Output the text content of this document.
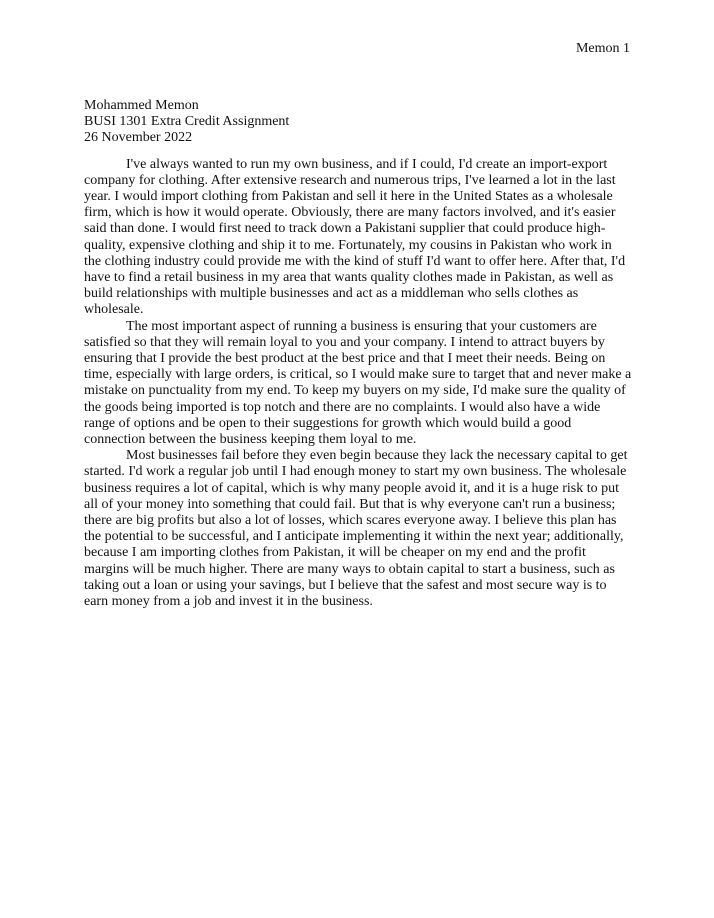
Memon 1
Mohammed Memon
BUSI 1301 Extra Credit Assignment
26 November 2022

I've always wanted to run my own business, and if I could, I'd create an import-export company for clothing. After extensive research and numerous trips, I've learned a lot in the last year. I would import clothing from Pakistan and sell it here in the United States as a wholesale firm, which is how it would operate. Obviously, there are many factors involved, and it's easier said than done. I would first need to track down a Pakistani supplier that could produce high-quality, expensive clothing and ship it to me. Fortunately, my cousins in Pakistan who work in the clothing industry could provide me with the kind of stuff I'd want to offer here. After that, I'd have to find a retail business in my area that wants quality clothes made in Pakistan, as well as build relationships with multiple businesses and act as a middleman who sells clothes as wholesale.

The most important aspect of running a business is ensuring that your customers are satisfied so that they will remain loyal to you and your company. I intend to attract buyers by ensuring that I provide the best product at the best price and that I meet their needs. Being on time, especially with large orders, is critical, so I would make sure to target that and never make a mistake on punctuality from my end. To keep my buyers on my side, I'd make sure the quality of the goods being imported is top notch and there are no complaints. I would also have a wide range of options and be open to their suggestions for growth which would build a good connection between the business keeping them loyal to me.

Most businesses fail before they even begin because they lack the necessary capital to get started. I'd work a regular job until I had enough money to start my own business. The wholesale business requires a lot of capital, which is why many people avoid it, and it is a huge risk to put all of your money into something that could fail. But that is why everyone can't run a business; there are big profits but also a lot of losses, which scares everyone away. I believe this plan has the potential to be successful, and I anticipate implementing it within the next year; additionally, because I am importing clothes from Pakistan, it will be cheaper on my end and the profit margins will be much higher. There are many ways to obtain capital to start a business, such as taking out a loan or using your savings, but I believe that the safest and most secure way is to earn money from a job and invest it in the business.
